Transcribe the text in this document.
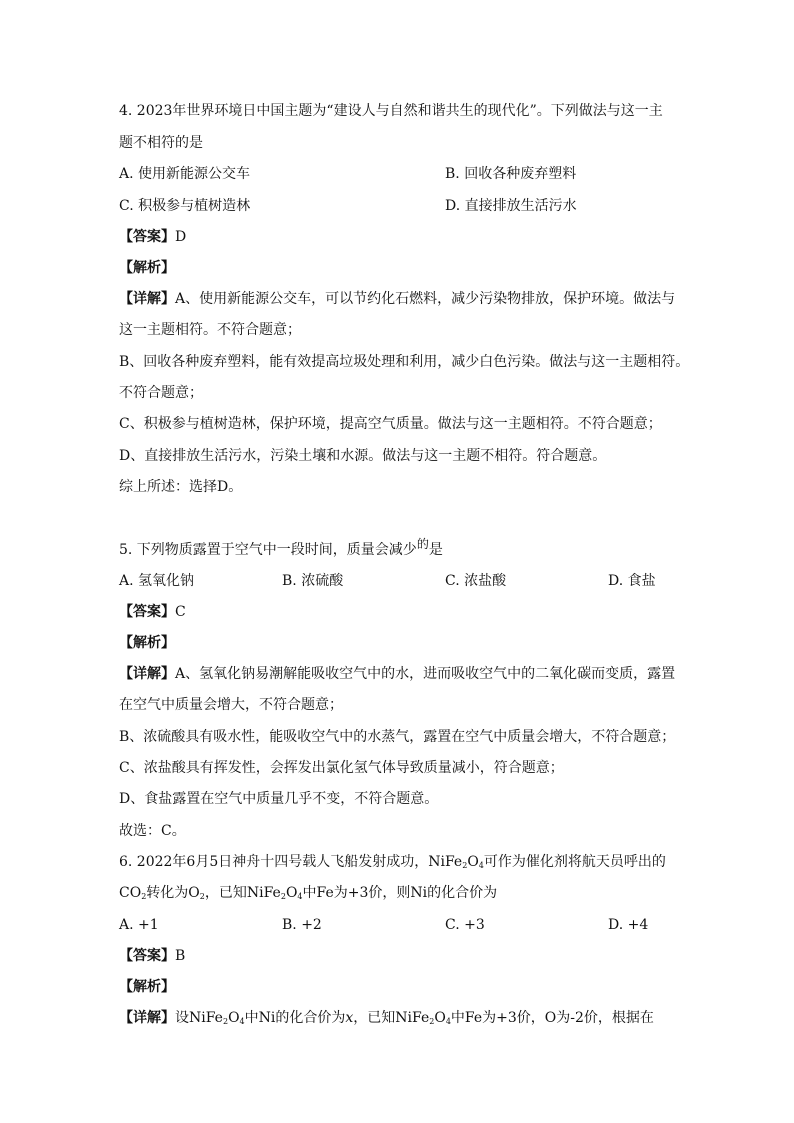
4. 2023年世界环境日中国主题为“建设人与自然和谐共生的现代化”。下列做法与这一主
题不相符的是
A. 使用新能源公交车	B. 回收各种废弃塑料
C. 积极参与植树造林	D. 直接排放生活污水
【答案】D
【解析】
【详解】A、使用新能源公交车，可以节约化石燃料，减少污染物排放，保护环境。做法与
这一主题相符。不符合题意；
B、回收各种废弃塑料，能有效提高垃圾处理和利用，减少白色污染。做法与这一主题相符。
不符合题意；
C、积极参与植树造林，保护环境，提高空气质量。做法与这一主题相符。不符合题意；
D、直接排放生活污水，污染土壤和水源。做法与这一主题不相符。符合题意。
综上所述：选择D。
5. 下列物质露置于空气中一段时间，质量会减少的是
A. 氢氧化钠	B. 浓硫酸	C. 浓盐酸	D. 食盐
【答案】C
【解析】
【详解】A、氢氧化钠易潮解能吸收空气中的水，进而吸收空气中的二氧化碳而变质，露置
在空气中质量会增大，不符合题意；
B、浓硫酸具有吸水性，能吸收空气中的水蒸气，露置在空气中质量会增大，不符合题意；
C、浓盐酸具有挥发性，会挥发出氯化氢气体导致质量减小，符合题意；
D、食盐露置在空气中质量几乎不变，不符合题意。
故选：C。
6. 2022年6月5日神舟十四号载人飞船发射成功，$NiFe_2O_4$可作为催化剂将航天员呼出的
$CO_2$转化为$O_2$，已知$NiFe_2O_4$中Fe为+3价，则Ni的化合价为
A. +1	B. +2	C. +3	D. +4
【答案】B
【解析】
【详解】设$NiFe_2O_4$中Ni的化合价为x，已知$NiFe_2O_4$中Fe为+3价，O为-2价，根据在
